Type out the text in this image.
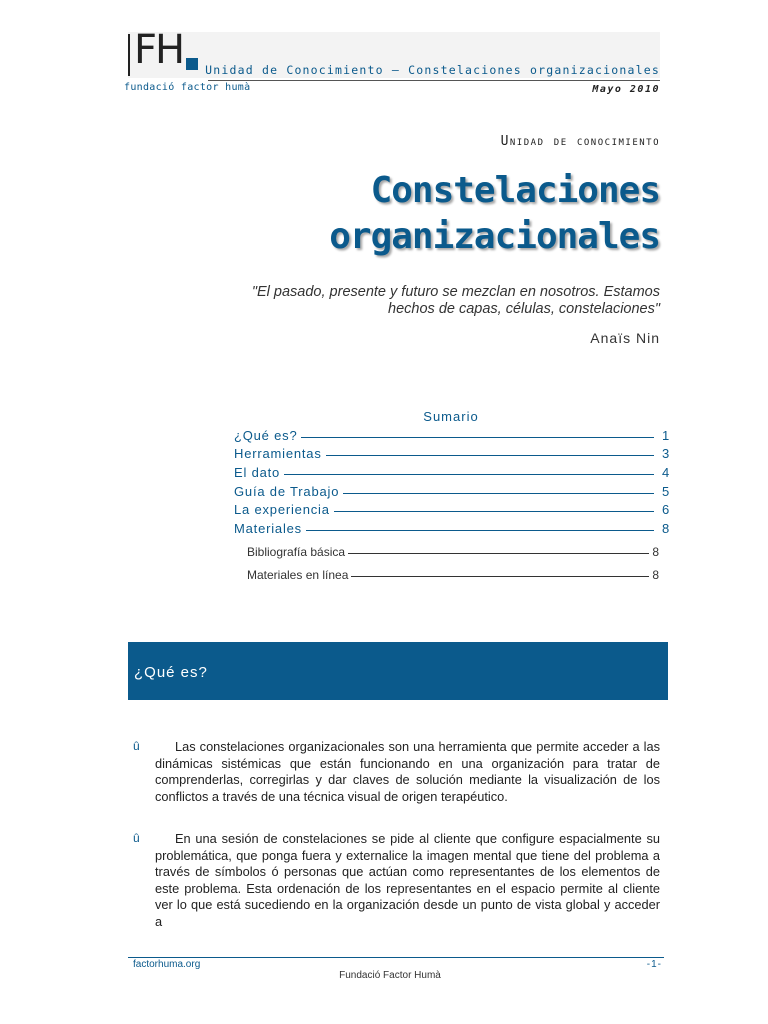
FH
fundació factor humà
Unidad de Conocimiento – Constelaciones organizacionales
Mayo 2010
Unidad de conocimiento
Constelaciones
organizacionales
"El pasado, presente y futuro se mezclan en nosotros. Estamos
hechos de capas, células, constelaciones"
Anaïs Nin
Sumario
¿Qué es?	1
Herramientas	3
El dato	4
Guía de Trabajo	5
La experiencia	6
Materiales	8
Bibliografía básica	8
Materiales en línea	8
¿Qué es?
û	Las constelaciones organizacionales son una herramienta que permite acceder a las dinámicas sistémicas que están funcionando en una organización para tratar de comprenderlas, corregirlas y dar claves de solución mediante la visualización de los conflictos a través de una técnica visual de origen terapéutico.
û	En una sesión de constelaciones se pide al cliente que configure espacialmente su problemática, que ponga fuera y externalice la imagen mental que tiene del problema a través de símbolos ó personas que actúan como representantes de los elementos de este problema. Esta ordenación de los representantes en el espacio permite al cliente ver lo que está sucediendo en la organización desde un punto de vista global y acceder a
factorhuma.org	-1-
Fundació Factor Humà
